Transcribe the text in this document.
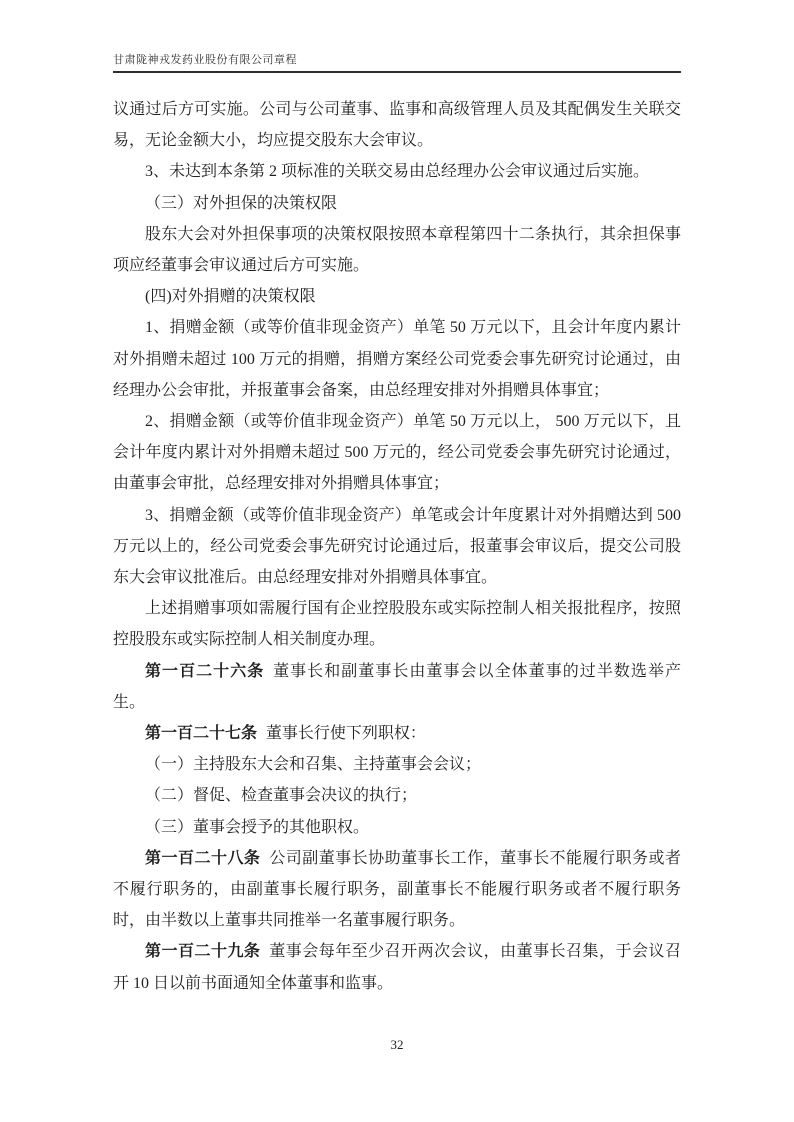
甘肃陇神戎发药业股份有限公司章程

议通过后方可实施。公司与公司董事、监事和高级管理人员及其配偶发生关联交易，无论金额大小，均应提交股东大会审议。

3、未达到本条第 2 项标准的关联交易由总经理办公会审议通过后实施。

（三）对外担保的决策权限

股东大会对外担保事项的决策权限按照本章程第四十二条执行，其余担保事项应经董事会审议通过后方可实施。

(四)对外捐赠的决策权限

1、捐赠金额（或等价值非现金资产）单笔 50 万元以下，且会计年度内累计对外捐赠未超过 100 万元的捐赠，捐赠方案经公司党委会事先研究讨论通过，由经理办公会审批，并报董事会备案，由总经理安排对外捐赠具体事宜；

2、捐赠金额（或等价值非现金资产）单笔 50 万元以上， 500 万元以下，且会计年度内累计对外捐赠未超过 500 万元的，经公司党委会事先研究讨论通过，由董事会审批，总经理安排对外捐赠具体事宜；

3、捐赠金额（或等价值非现金资产）单笔或会计年度累计对外捐赠达到 500 万元以上的，经公司党委会事先研究讨论通过后，报董事会审议后，提交公司股东大会审议批准后。由总经理安排对外捐赠具体事宜。

上述捐赠事项如需履行国有企业控股股东或实际控制人相关报批程序，按照控股股东或实际控制人相关制度办理。

第一百二十六条 董事长和副董事长由董事会以全体董事的过半数选举产生。

第一百二十七条 董事长行使下列职权：

（一）主持股东大会和召集、主持董事会会议；

（二）督促、检查董事会决议的执行；

（三）董事会授予的其他职权。

第一百二十八条 公司副董事长协助董事长工作，董事长不能履行职务或者不履行职务的，由副董事长履行职务，副董事长不能履行职务或者不履行职务时，由半数以上董事共同推举一名董事履行职务。

第一百二十九条 董事会每年至少召开两次会议，由董事长召集，于会议召开 10 日以前书面通知全体董事和监事。

32
